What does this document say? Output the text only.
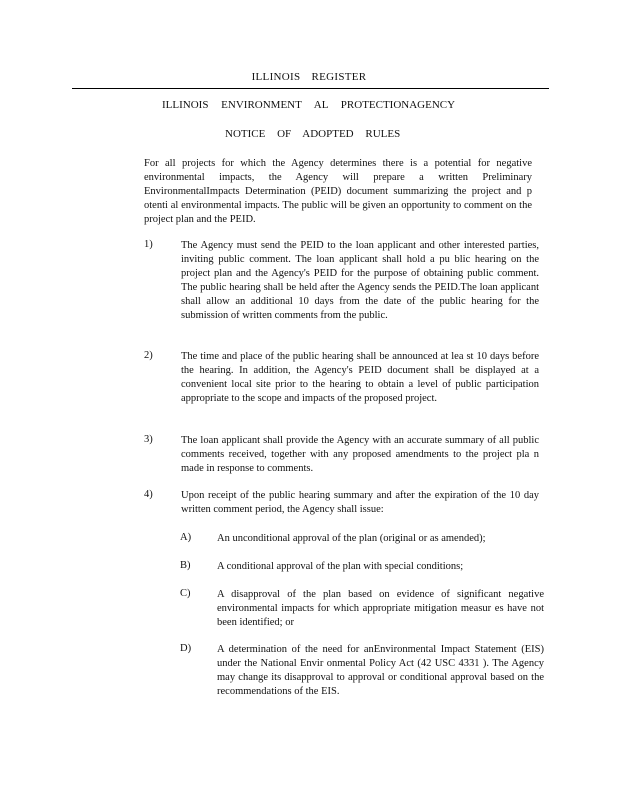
ILLINOIS REGISTER
ILLINOIS ENVIRONMENT AL PROTECTIONAGENCY
NOTICE OF ADOPTED RULES
For all projects for which the Agency determines there is a potential for negative environmental impacts, the Agency will prepare a written Preliminary EnvironmentalImpacts Determination (PEID) document summarizing the project and p otenti al environmental impacts. The public will be given an opportunity to comment on the project plan and the PEID.
1)	The Agency must send the PEID to the loan applicant and other interested parties, inviting public comment. The loan applicant shall hold a pu blic hearing on the project plan and the Agency's PEID for the purpose of obtaining public comment. The public hearing shall be held after the Agency sends the PEID.The loan applicant shall allow an additional 10 days from the date of the public hearing for the submission of written comments from the public.
2)	The time and place of the public hearing shall be announced at lea st 10 days before the hearing. In addition, the Agency's PEID document shall be displayed at a convenient local site prior to the hearing to obtain a level of public participation appropriate to the scope and impacts of the proposed project.
3)	The loan applicant shall provide the Agency with an accurate summary of all public comments received, together with any proposed amendments to the project pla n made in response to comments.
4)	Upon receipt of the public hearing summary and after the expiration of the 10 day written comment period, the Agency shall issue:
A) An unconditional approval of the plan (original or as amended);
B)	A conditional approval of the plan with special conditions;
C)	A disapproval of the plan based on evidence of significant negative environmental impacts for which appropriate mitigation measur es have not been identified; or
D) A determination of the need for anEnvironmental Impact Statement (EIS) under the National Envir onmental Policy Act (42 USC 4331 ). The Agency may change its disapproval to approval or conditional approval based on the recommendations of the EIS.
